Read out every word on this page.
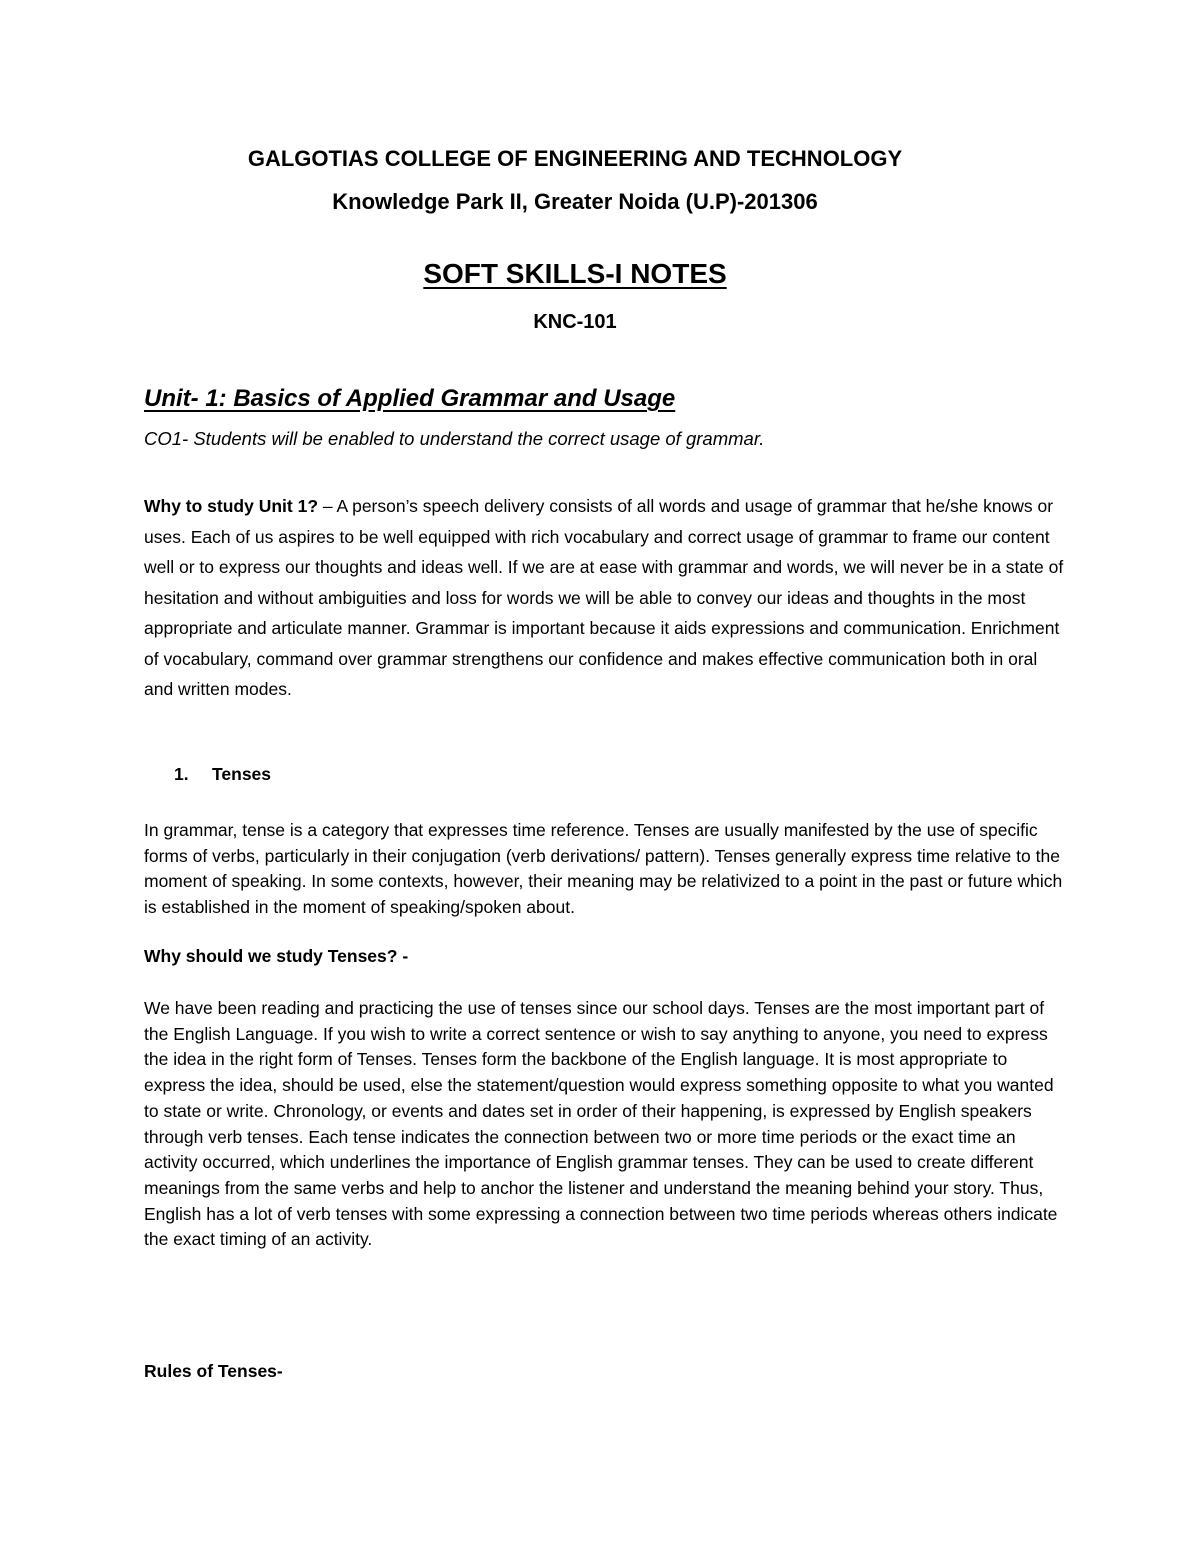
GALGOTIAS COLLEGE OF ENGINEERING AND TECHNOLOGY
Knowledge Park II, Greater Noida (U.P)-201306
SOFT SKILLS-I NOTES
KNC-101
Unit- 1: Basics of Applied Grammar and Usage
CO1- Students will be enabled to understand the correct usage of grammar.

Why to study Unit 1? – A person’s speech delivery consists of all words and usage of grammar that he/she knows or uses. Each of us aspires to be well equipped with rich vocabulary and correct usage of grammar to frame our content well or to express our thoughts and ideas well. If we are at ease with grammar and words, we will never be in a state of hesitation and without ambiguities and loss for words we will be able to convey our ideas and thoughts in the most appropriate and articulate manner. Grammar is important because it aids expressions and communication. Enrichment of vocabulary, command over grammar strengthens our confidence and makes effective communication both in oral and written modes.

1. Tenses

In grammar, tense is a category that expresses time reference. Tenses are usually manifested by the use of specific forms of verbs, particularly in their conjugation (verb derivations/ pattern). Tenses generally express time relative to the moment of speaking. In some contexts, however, their meaning may be relativized to a point in the past or future which is established in the moment of speaking/spoken about.

Why should we study Tenses? -

We have been reading and practicing the use of tenses since our school days. Tenses are the most important part of the English Language. If you wish to write a correct sentence or wish to say anything to anyone, you need to express the idea in the right form of Tenses. Tenses form the backbone of the English language. It is most appropriate to express the idea, should be used, else the statement/question would express something opposite to what you wanted to state or write. Chronology, or events and dates set in order of their happening, is expressed by English speakers through verb tenses. Each tense indicates the connection between two or more time periods or the exact time an activity occurred, which underlines the importance of English grammar tenses. They can be used to create different meanings from the same verbs and help to anchor the listener and understand the meaning behind your story. Thus, English has a lot of verb tenses with some expressing a connection between two time periods whereas others indicate the exact timing of an activity.

Rules of Tenses-
